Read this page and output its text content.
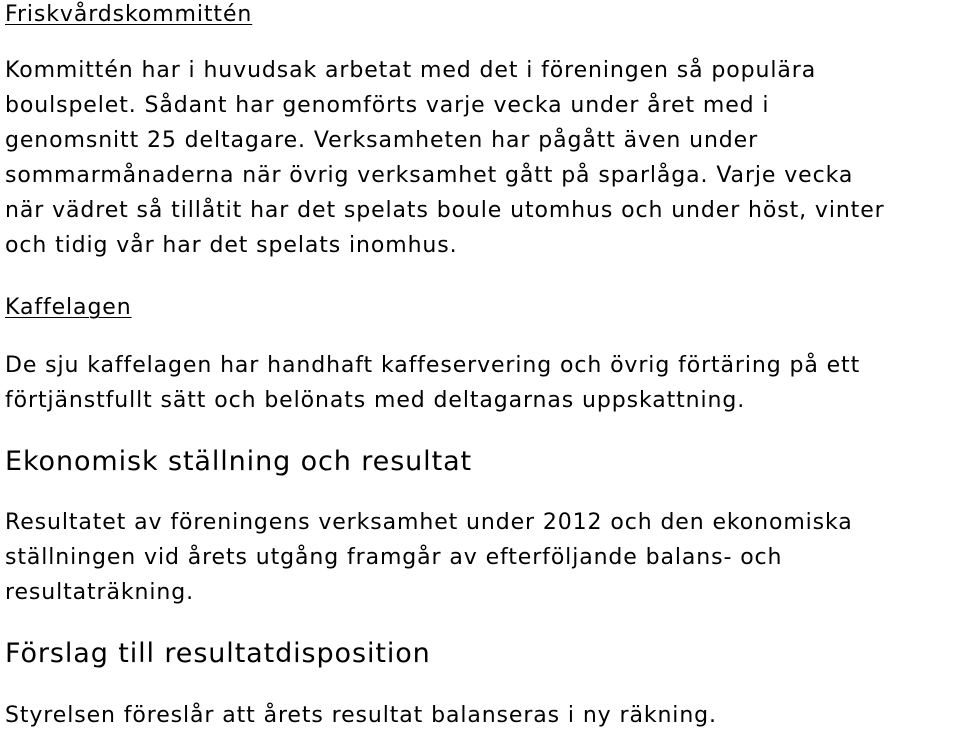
Friskvårdskommittén
Kommittén har i huvudsak arbetat med det i föreningen så populära
boulspelet. Sådant har genomförts varje vecka under året med i
genomsnitt 25 deltagare. Verksamheten har pågått även under
sommarmånaderna när övrig verksamhet gått på sparlåga. Varje vecka
när vädret så tillåtit har det spelats boule utomhus och under höst, vinter
och tidig vår har det spelats inomhus.
Kaffelagen
De sju kaffelagen har handhaft kaffeservering och övrig förtäring på ett
förtjänstfullt sätt och belönats med deltagarnas uppskattning.
Ekonomisk ställning och resultat
Resultatet av föreningens verksamhet under 2012 och den ekonomiska
ställningen vid årets utgång framgår av efterföljande balans- och
resultaträkning.
Förslag till resultatdisposition
Styrelsen föreslår att årets resultat balanseras i ny räkning.
